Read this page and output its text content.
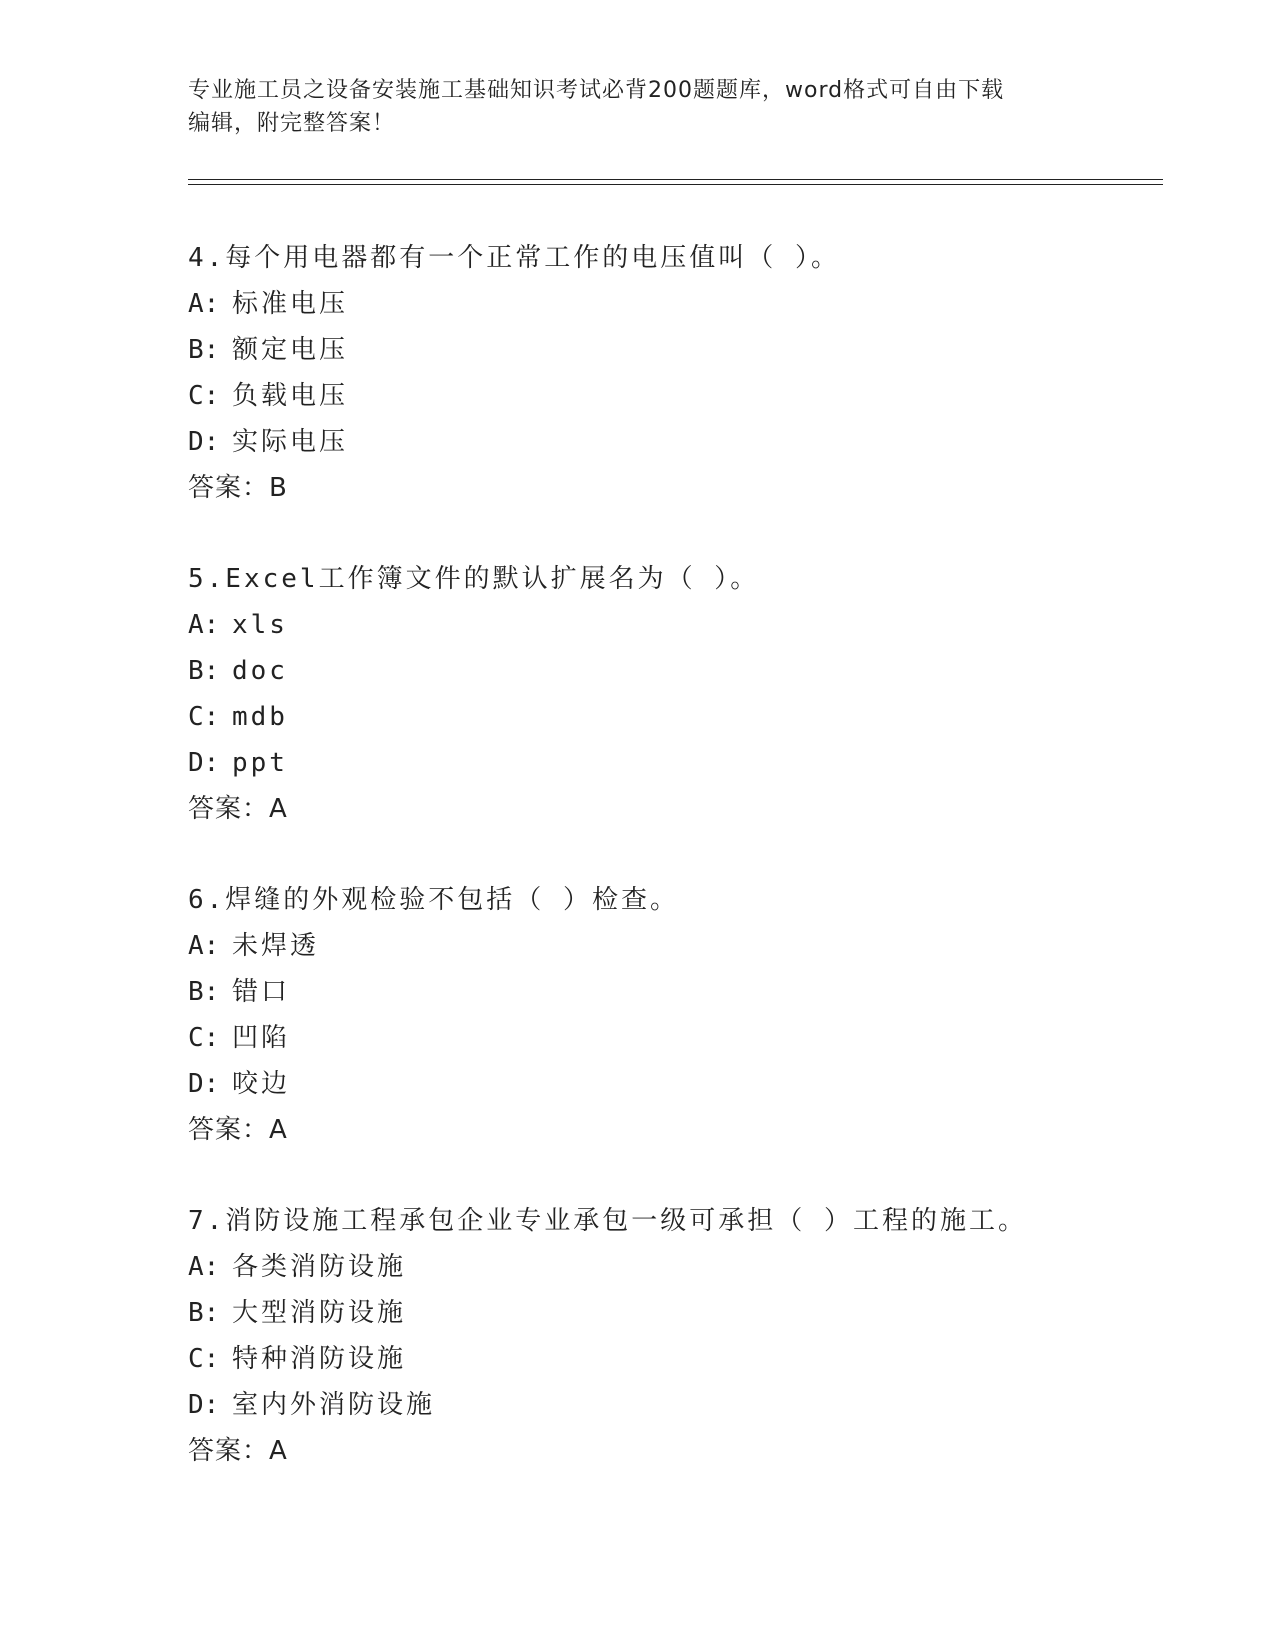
专业施工员之设备安装施工基础知识考试必背200题题库，word格式可自由下载
编辑，附完整答案！
4.每个用电器都有一个正常工作的电压值叫（ ）。
A: 标准电压
B: 额定电压
C: 负载电压
D: 实际电压
答案：B
5.Excel工作簿文件的默认扩展名为（ ）。
A: xls
B: doc
C: mdb
D: ppt
答案：A
6.焊缝的外观检验不包括（ ）检查。
A: 未焊透
B: 错口
C: 凹陷
D: 咬边
答案：A
7.消防设施工程承包企业专业承包一级可承担（ ）工程的施工。
A: 各类消防设施
B: 大型消防设施
C: 特种消防设施
D: 室内外消防设施
答案：A
